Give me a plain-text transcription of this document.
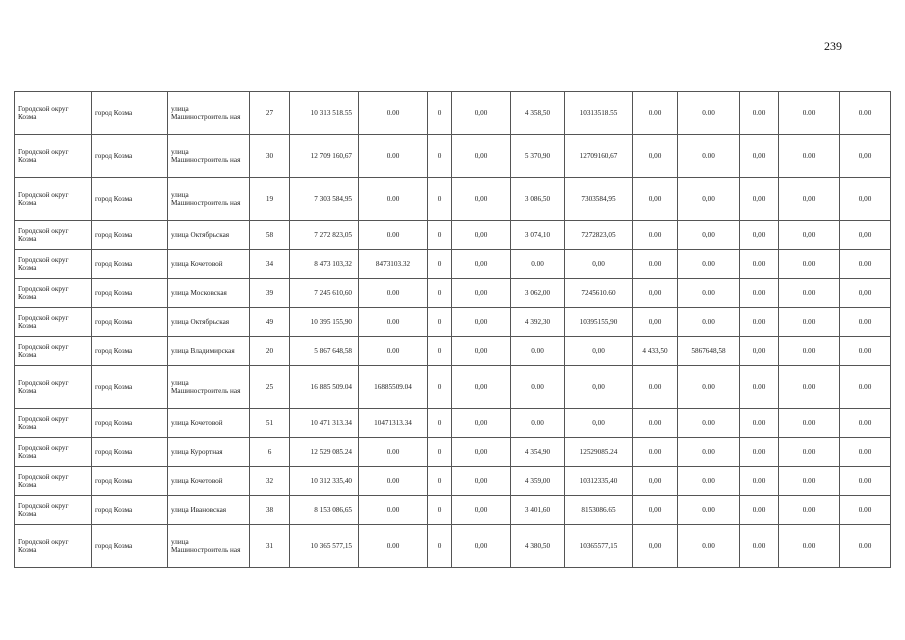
239
Городской округ Козма	город Козма	улица Машиностроитель ная	27	10 313 518.55	0.00	0	0,00	4 358,50	10313518.55	0.00	0.00	0.00	0.00	0.00
Городской округ Козма	город Козма	улица Машиностроитель ная	30	12 709 160,67	0.00	0	0,00	5 370,90	12709160,67	0,00	0.00	0,00	0.00	0,00
Городской округ Козма	город Козма	улица Машиностроитель ная	19	7 303 584,95	0.00	0	0,00	3 086,50	7303584,95	0,00	0,00	0,00	0,00	0,00
Городской округ Козма	город Козма	улица Октябрьская	58	7 272 823,05	0.00	0	0,00	3 074,10	7272823,05	0.00	0,00	0,00	0,00	0,00
Городской округ Козма	город Козма	улица Кочетовой	34	8 473 103,32	8473103.32	0	0,00	0.00	0,00	0.00	0.00	0.00	0.00	0.00
Городской округ Козма	город Козма	улица Московская	39	7 245 610,60	0.00	0	0,00	3 062,00	7245610.60	0,00	0.00	0.00	0.00	0,00
Городской округ Козма	город Козма	улица Октябрьская	49	10 395 155,90	0.00	0	0,00	4 392,30	10395155,90	0,00	0.00	0.00	0.00	0.00
Городской округ Козма	город Козма	улица Владимирская	20	5 867 648,58	0.00	0	0,00	0.00	0,00	4 433,50	5867648,58	0,00	0.00	0.00
Городской округ Козма	город Козма	улица Машиностроитель ная	25	16 885 509.04	16885509.04	0	0,00	0.00	0,00	0.00	0.00	0.00	0.00	0.00
Городской округ Козма	город Козма	улица Кочетовой	51	10 471 313.34	10471313.34	0	0,00	0.00	0,00	0.00	0.00	0.00	0.00	0.00
Городской округ Козма	город Козма	улица Курортная	6	12 529 085.24	0.00	0	0,00	4 354,90	12529085.24	0.00	0.00	0.00	0.00	0.00
Городской округ Козма	город Козма	улица Кочетовой	32	10 312 335,40	0.00	0	0,00	4 359,00	10312335,40	0,00	0.00	0.00	0.00	0.00
Городской округ Козма	город Козма	улица Ивановская	38	8 153 086,65	0.00	0	0,00	3 401,60	8153086.65	0,00	0.00	0.00	0.00	0.00
Городской округ Козма	город Козма	улица Машиностроитель ная	31	10 365 577,15	0.00	0	0,00	4 380,50	10365577,15	0,00	0.00	0.00	0.00	0.00
